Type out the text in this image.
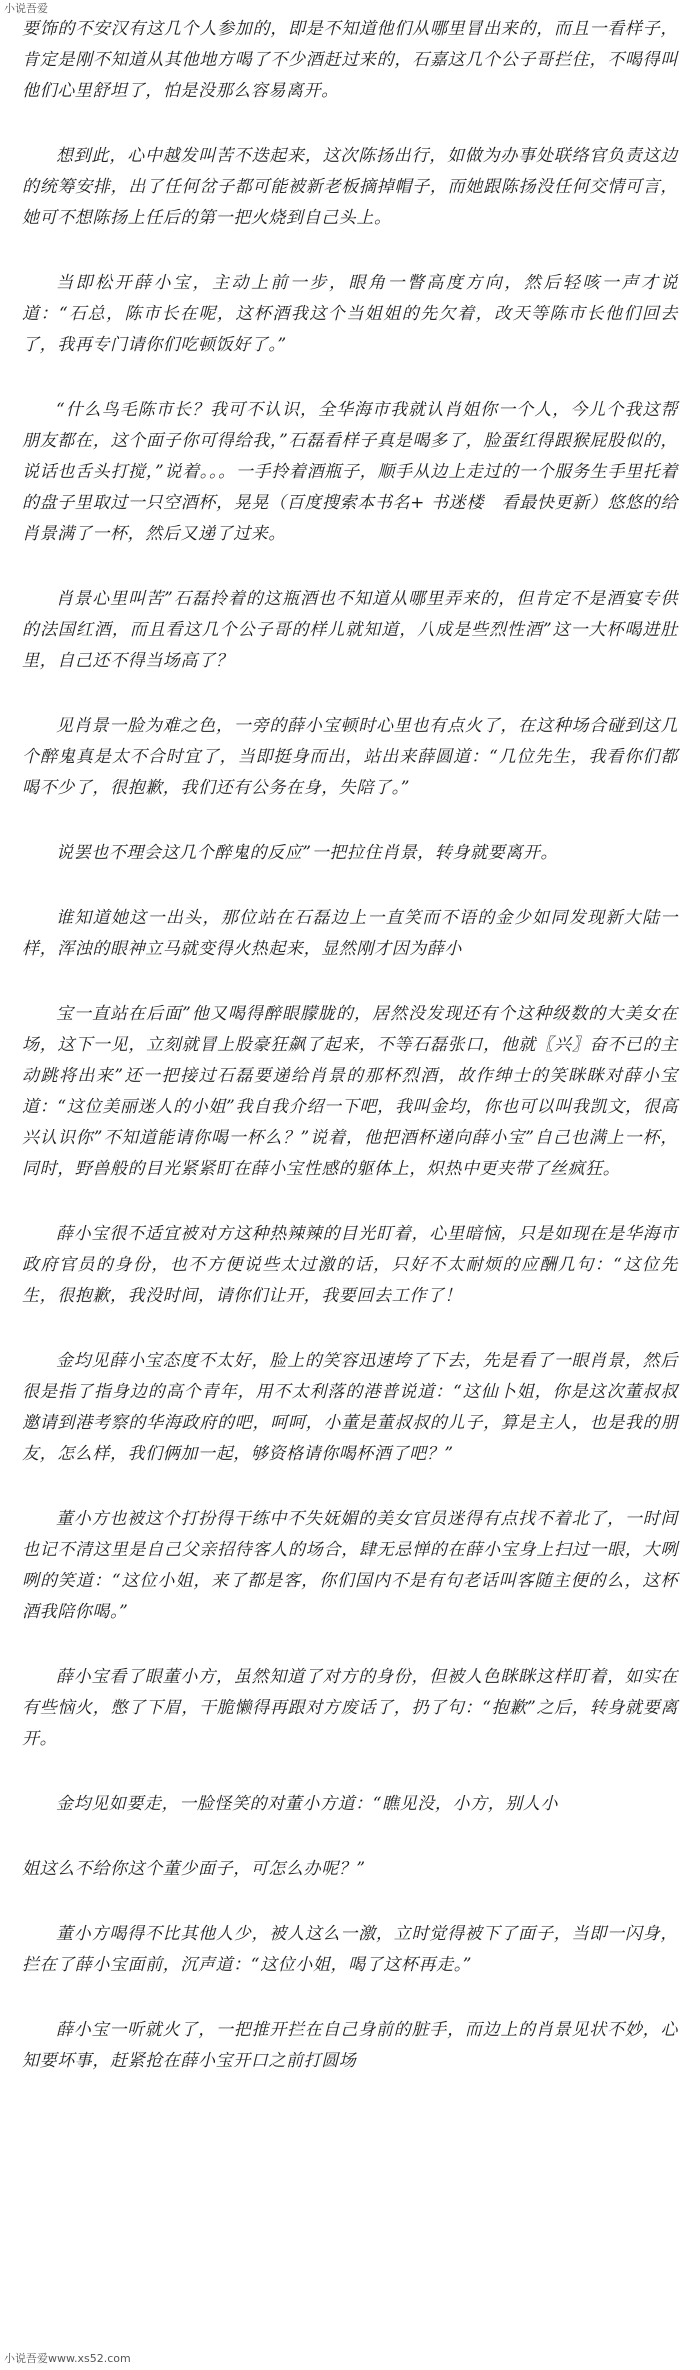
小说吾爱

要饰的不安汉有这几个人参加的，即是不知道他们从哪里冒出来的，而且一看样子，肯定是刚不知道从其他地方喝了不少酒赶过来的，石嘉这几个公子哥拦住，不喝得叫他们心里舒坦了，怕是没那么容易离开。

想到此，心中越发叫苦不迭起来，这次陈扬出行，如做为办事处联络官负责这边的统筹安排，出了任何岔子都可能被新老板摘掉帽子，而她跟陈扬没任何交情可言，她可不想陈扬上任后的第一把火烧到自己头上。

当即松开薛小宝，主动上前一步，眼角一瞥高度方向，然后轻咳一声才说道：“石总，陈市长在呢，这杯酒我这个当姐姐的先欠着，改天等陈市长他们回去了，我再专门请你们吃顿饭好了。”

“什么鸟毛陈市长？我可不认识，全华海市我就认肖姐你一个人，今儿个我这帮朋友都在，这个面子你可得给我，”石磊看样子真是喝多了，脸蛋红得跟猴屁股似的，说话也舌头打搅，”说着。。。一手拎着酒瓶子，顺手从边上走过的一个服务生手里托着的盘子里取过一只空酒杯，晃晃（百度搜索本书名+ 书迷楼　看最快更新）悠悠的给肖景满了一杯，然后又递了过来。

肖景心里叫苦”石磊拎着的这瓶酒也不知道从哪里弄来的，但肯定不是酒宴专供的法国红酒，而且看这几个公子哥的样儿就知道，八成是些烈性酒”这一大杯喝进肚里，自己还不得当场高了？

见肖景一脸为难之色，一旁的薛小宝顿时心里也有点火了，在这种场合碰到这几个醉鬼真是太不合时宜了，当即挺身而出，站出来薛圆道：“几位先生，我看你们都喝不少了，很抱歉，我们还有公务在身，失陪了。”

说罢也不理会这几个醉鬼的反应”一把拉住肖景，转身就要离开。

谁知道她这一出头，那位站在石磊边上一直笑而不语的金少如同发现新大陆一样，浑浊的眼神立马就变得火热起来，显然刚才因为薛小

宝一直站在后面”他又喝得醉眼朦胧的，居然没发现还有个这种级数的大美女在场，这下一见，立刻就冒上股豪狂飙了起来，不等石磊张口，他就〖兴〗奋不已的主动跳将出来”还一把接过石磊要递给肖景的那杯烈酒，故作绅士的笑眯眯对薛小宝道：“这位美丽迷人的小姐”我自我介绍一下吧，我叫金均，你也可以叫我凯文，很高兴认识你”不知道能请你喝一杯么？”说着，他把酒杯递向薛小宝”自己也满上一杯，同时，野兽般的目光紧紧盯在薛小宝性感的躯体上，炽热中更夹带了丝疯狂。

薛小宝很不适宜被对方这种热辣辣的目光盯着，心里暗恼，只是如现在是华海市政府官员的身份，也不方便说些太过激的话，只好不太耐烦的应酬几句：“这位先生，很抱歉，我没时间，请你们让开，我要回去工作了！

金均见薛小宝态度不太好，脸上的笑容迅速垮了下去，先是看了一眼肖景，然后很是指了指身边的高个青年，用不太利落的港普说道：“这仙卜姐，你是这次董叔叔邀请到港考察的华海政府的吧，呵呵，小董是董叔叔的儿子，算是主人，也是我的朋友，怎么样，我们俩加一起，够资格请你喝杯酒了吧？”

董小方也被这个打扮得干练中不失妩媚的美女官员迷得有点找不着北了，一时间也记不清这里是自己父亲招待客人的场合，肆无忌惮的在薛小宝身上扫过一眼，大咧咧的笑道：“这位小姐，来了都是客，你们国内不是有句老话叫客随主便的么，这杯酒我陪你喝。”

薛小宝看了眼董小方，虽然知道了对方的身份，但被人色眯眯这样盯着，如实在有些恼火，憋了下眉，干脆懒得再跟对方废话了，扔了句：“抱歉”之后，转身就要离开。

金均见如要走，一脸怪笑的对董小方道：“瞧见没，小方，别人小

姐这么不给你这个董少面子，可怎么办呢？”

董小方喝得不比其他人少，被人这么一激，立时觉得被下了面子，当即一闪身，拦在了薛小宝面前，沉声道：“这位小姐，喝了这杯再走。”

薛小宝一听就火了，一把推开拦在自己身前的脏手，而边上的肖景见状不妙，心知要坏事，赶紧抢在薛小宝开口之前打圆场

小说吾爱www.xs52.com
